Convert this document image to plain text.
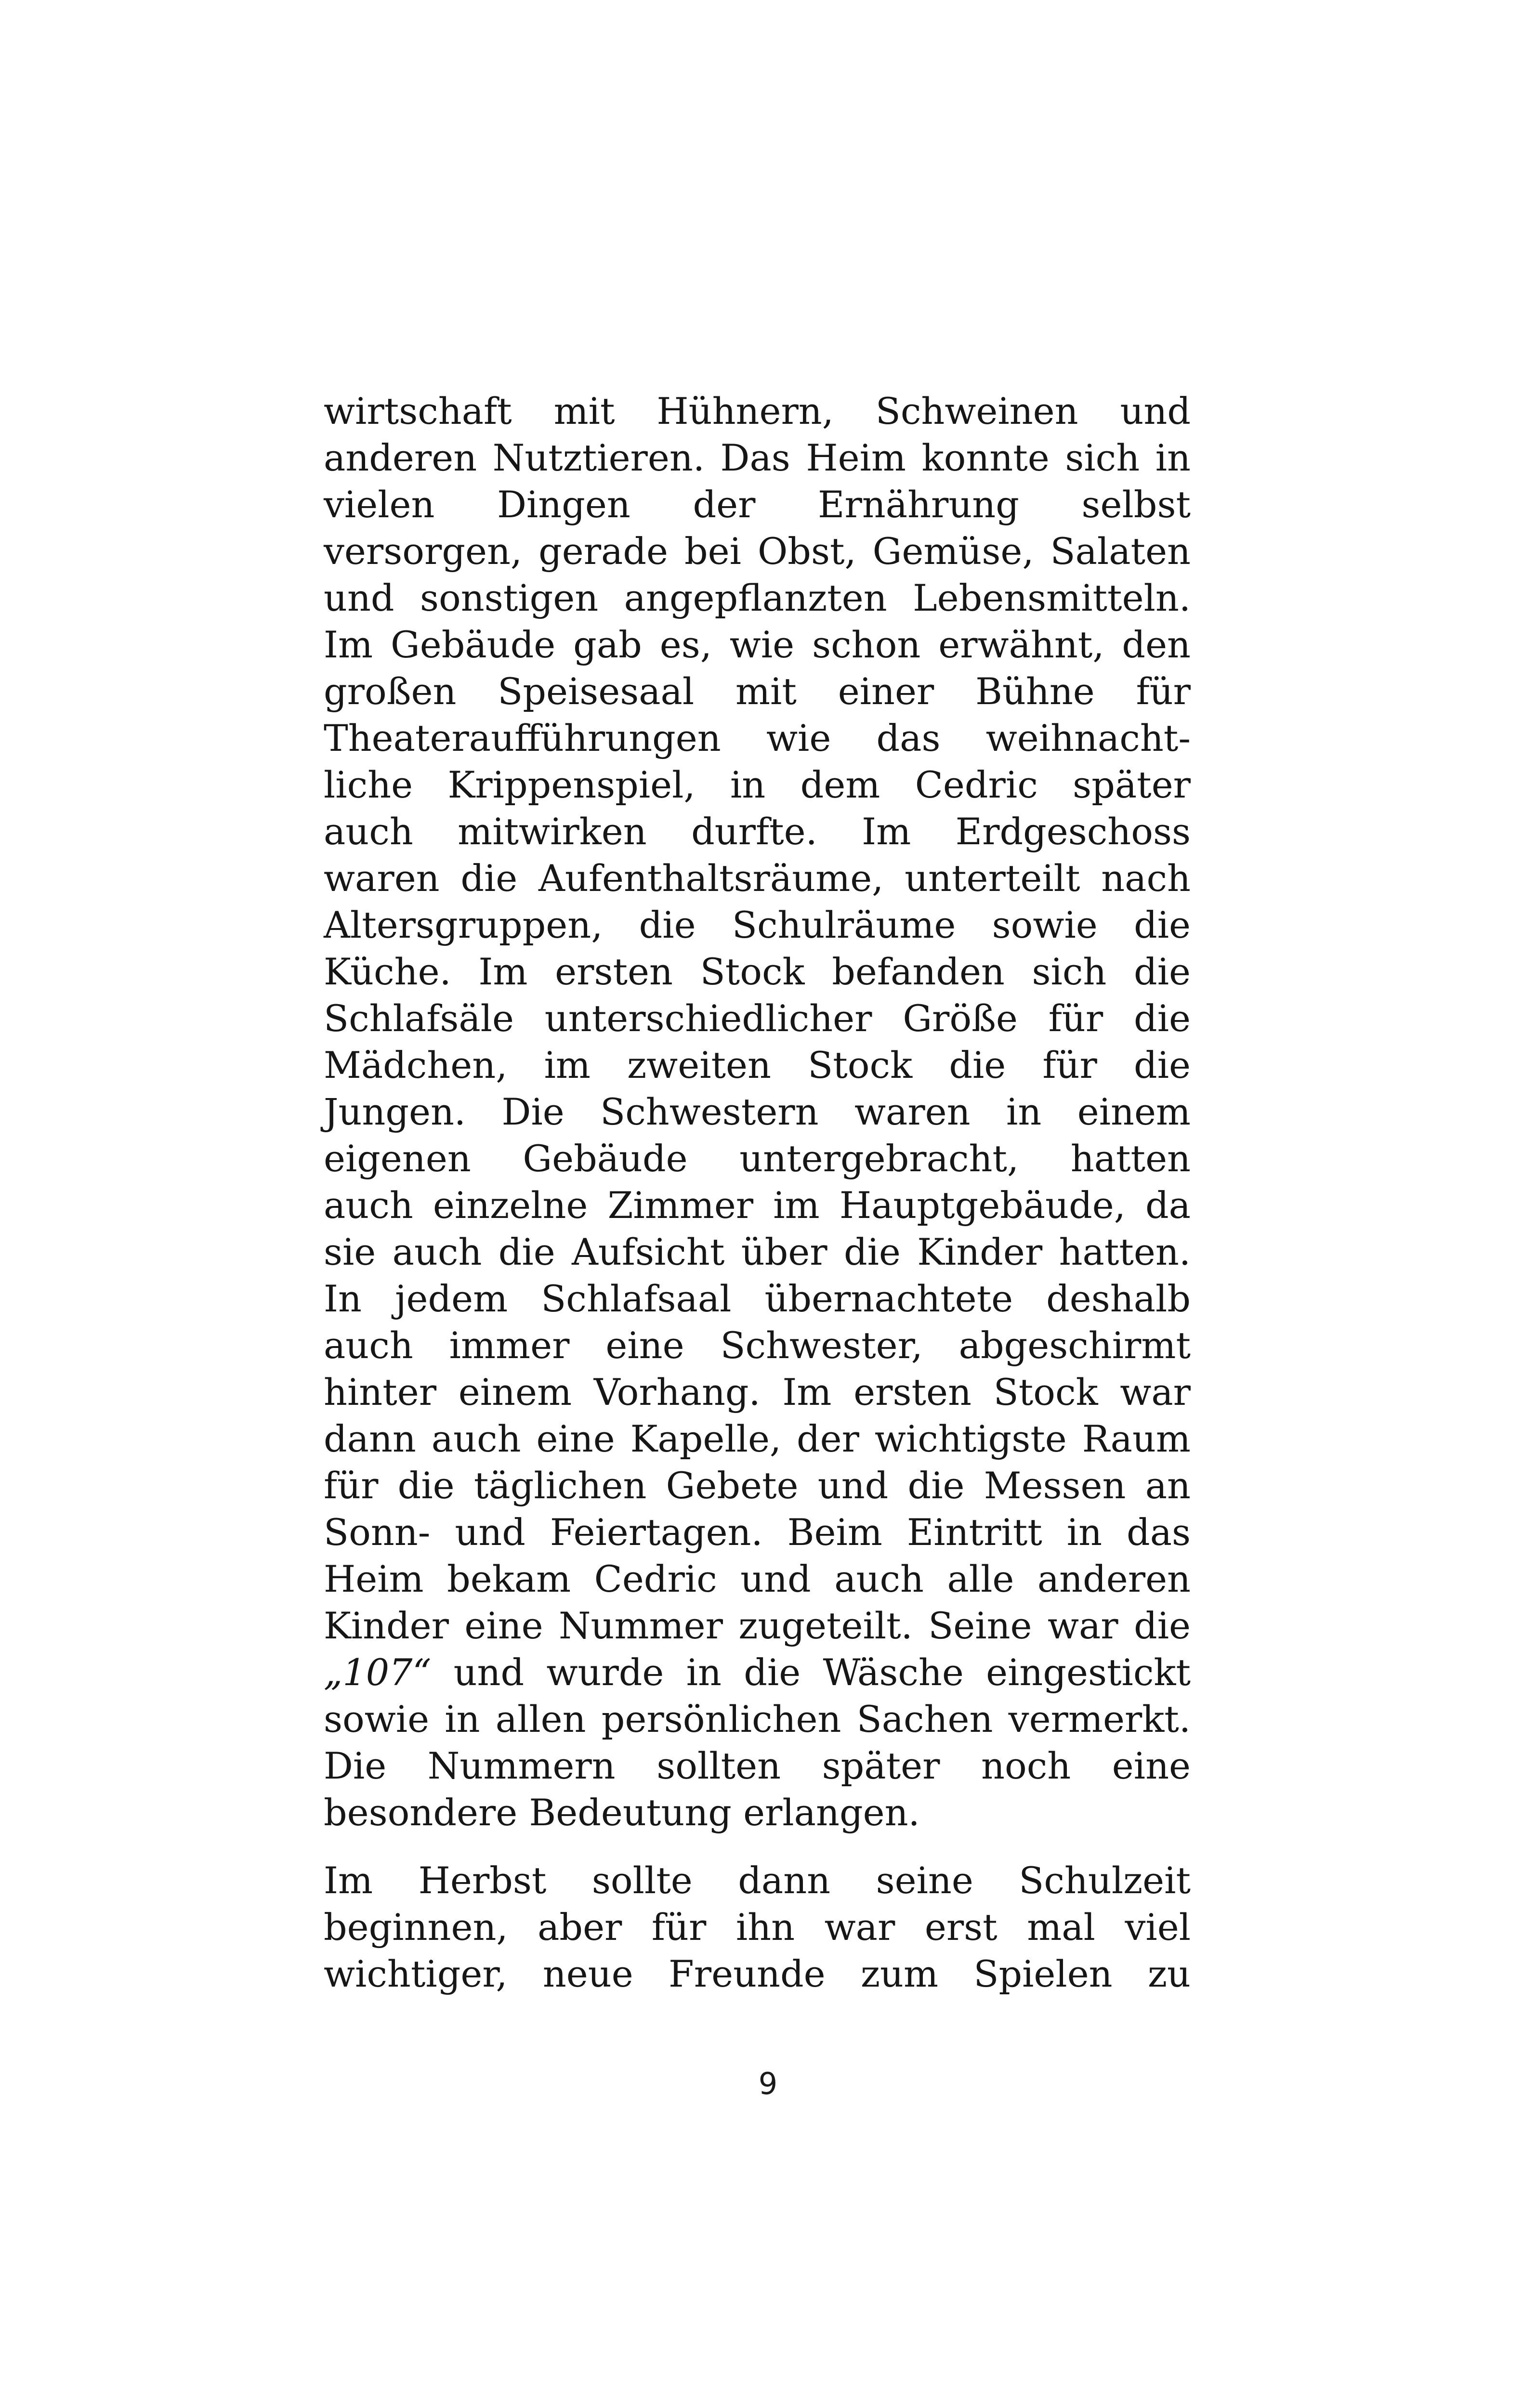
wirtschaft mit Hühnern, Schweinen und
anderen Nutztieren. Das Heim konnte sich in
vielen Dingen der Ernährung selbst
versorgen, gerade bei Obst, Gemüse, Salaten
und sonstigen angepflanzten Lebensmitteln.
Im Gebäude gab es, wie schon erwähnt, den
großen Speisesaal mit einer Bühne für
Theateraufführungen wie das weihnacht-
liche Krippenspiel, in dem Cedric später
auch mitwirken durfte. Im Erdgeschoss
waren die Aufenthaltsräume, unterteilt nach
Altersgruppen, die Schulräume sowie die
Küche. Im ersten Stock befanden sich die
Schlafsäle unterschiedlicher Größe für die
Mädchen, im zweiten Stock die für die
Jungen. Die Schwestern waren in einem
eigenen Gebäude untergebracht, hatten
auch einzelne Zimmer im Hauptgebäude, da
sie auch die Aufsicht über die Kinder hatten.
In jedem Schlafsaal übernachtete deshalb
auch immer eine Schwester, abgeschirmt
hinter einem Vorhang. Im ersten Stock war
dann auch eine Kapelle, der wichtigste Raum
für die täglichen Gebete und die Messen an
Sonn- und Feiertagen. Beim Eintritt in das
Heim bekam Cedric und auch alle anderen
Kinder eine Nummer zugeteilt. Seine war die
„107“ und wurde in die Wäsche eingestickt
sowie in allen persönlichen Sachen vermerkt.
Die Nummern sollten später noch eine
besondere Bedeutung erlangen.

Im Herbst sollte dann seine Schulzeit
beginnen, aber für ihn war erst mal viel
wichtiger, neue Freunde zum Spielen zu

9
